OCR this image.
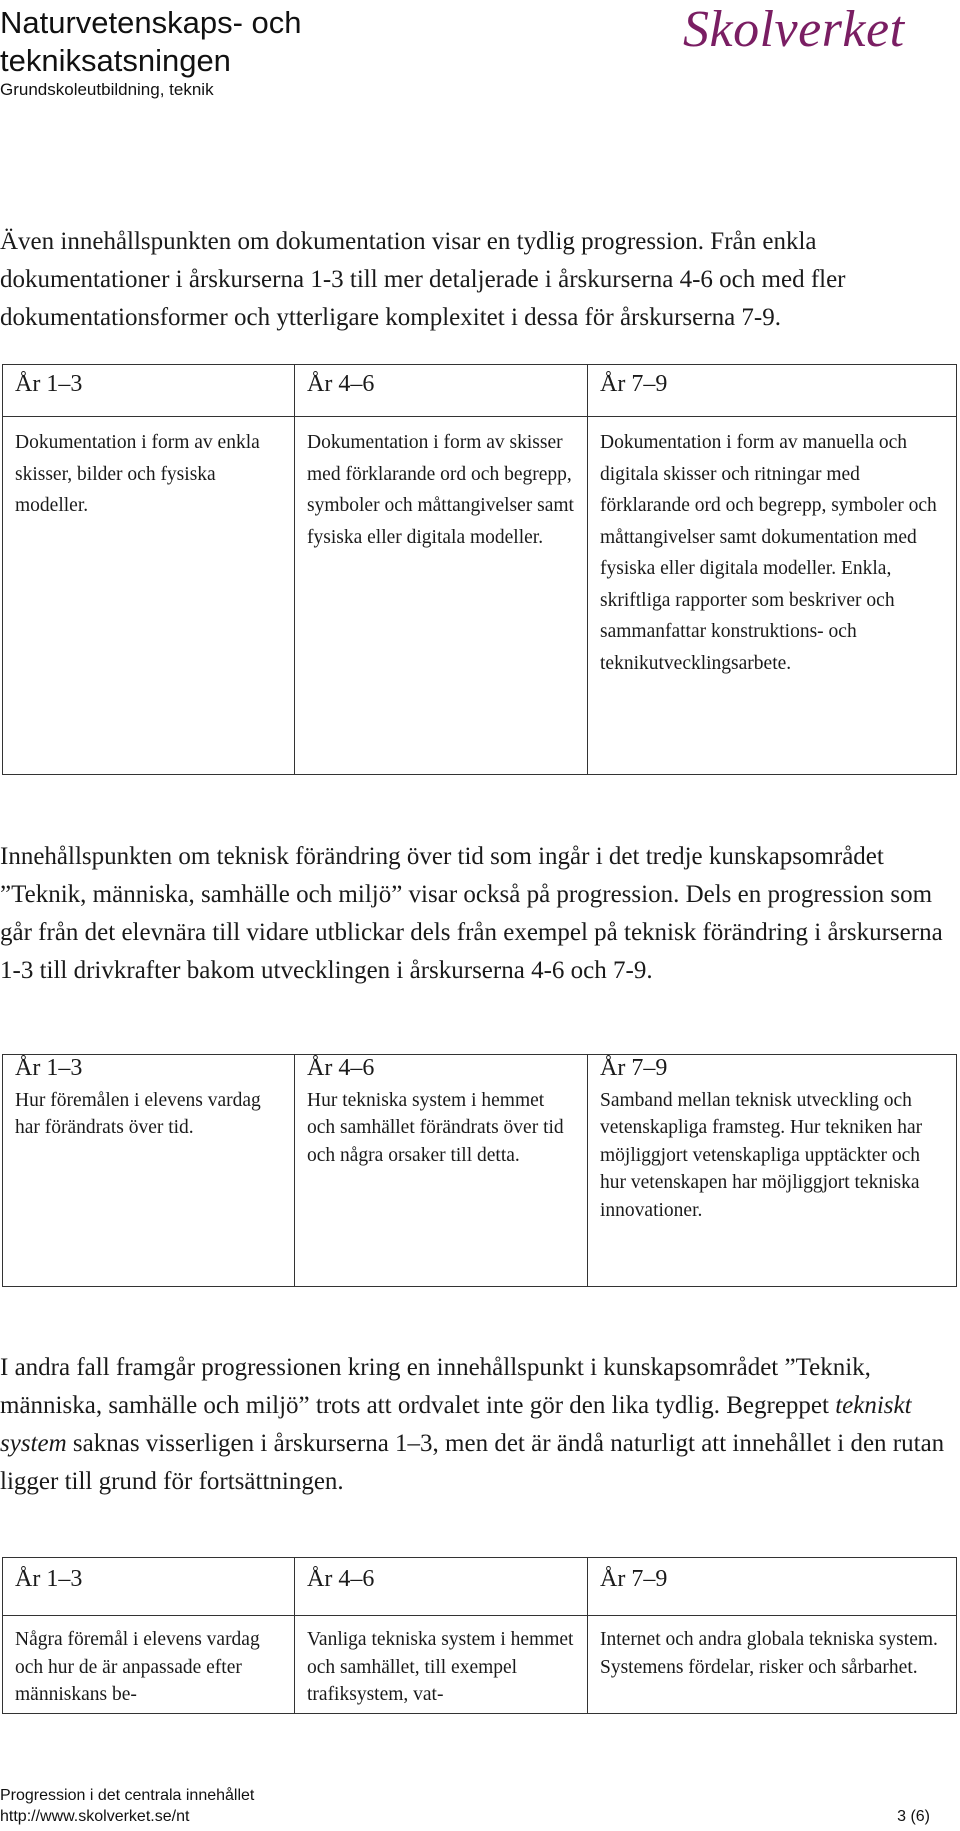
Naturvetenskaps- och tekniksatsningen
Grundskoleutbildning, teknik
Skolverket
Även innehållspunkten om dokumentation visar en tydlig progression. Från enkla dokumentationer i årskurserna 1-3 till mer detaljerade i årskurserna 4-6 och med fler dokumentationsformer och ytterligare komplexitet i dessa för årskurserna 7-9.
År 1–3	År 4–6	År 7–9
Dokumentation i form av enkla skisser, bilder och fysiska modeller.	Dokumentation i form av skisser med förklarande ord och begrepp, symboler och måttangivelser samt fysiska eller digitala modeller.	Dokumentation i form av manuella och digitala skisser och ritningar med förklarande ord och begrepp, symboler och måttangivelser samt dokumentation med fysiska eller digitala modeller. Enkla, skriftliga rapporter som beskriver och sammanfattar konstruktions- och teknikutvecklingsarbete.
Innehållspunkten om teknisk förändring över tid som ingår i det tredje kunskapsområdet ”Teknik, människa, samhälle och miljö” visar också på progression. Dels en progression som går från det elevnära till vidare utblickar dels från exempel på teknisk förändring i årskurserna 1-3 till drivkrafter bakom utvecklingen i årskurserna 4-6 och 7-9.
År 1–3	År 4–6	År 7–9
Hur föremålen i elevens vardag har förändrats över tid.	Hur tekniska system i hemmet och samhället förändrats över tid och några orsaker till detta.	Samband mellan teknisk utveckling och vetenskapliga framsteg. Hur tekniken har möjliggjort vetenskapliga upptäckter och hur vetenskapen har möjliggjort tekniska innovationer.
I andra fall framgår progressionen kring en innehållspunkt i kunskapsområdet ”Teknik, människa, samhälle och miljö” trots att ordvalet inte gör den lika tydlig. Begreppet tekniskt system saknas visserligen i årskurserna 1–3, men det är ändå naturligt att innehållet i den rutan ligger till grund för fortsättningen.
År 1–3	År 4–6	År 7–9
Några föremål i elevens vardag och hur de är anpassade efter människans be-	Vanliga tekniska system i hemmet och samhället, till exempel trafiksystem, vat-	Internet och andra globala tekniska system. Systemens fördelar, risker och sårbarhet.
Progression i det centrala innehållet
http://www.skolverket.se/nt	3 (6)
